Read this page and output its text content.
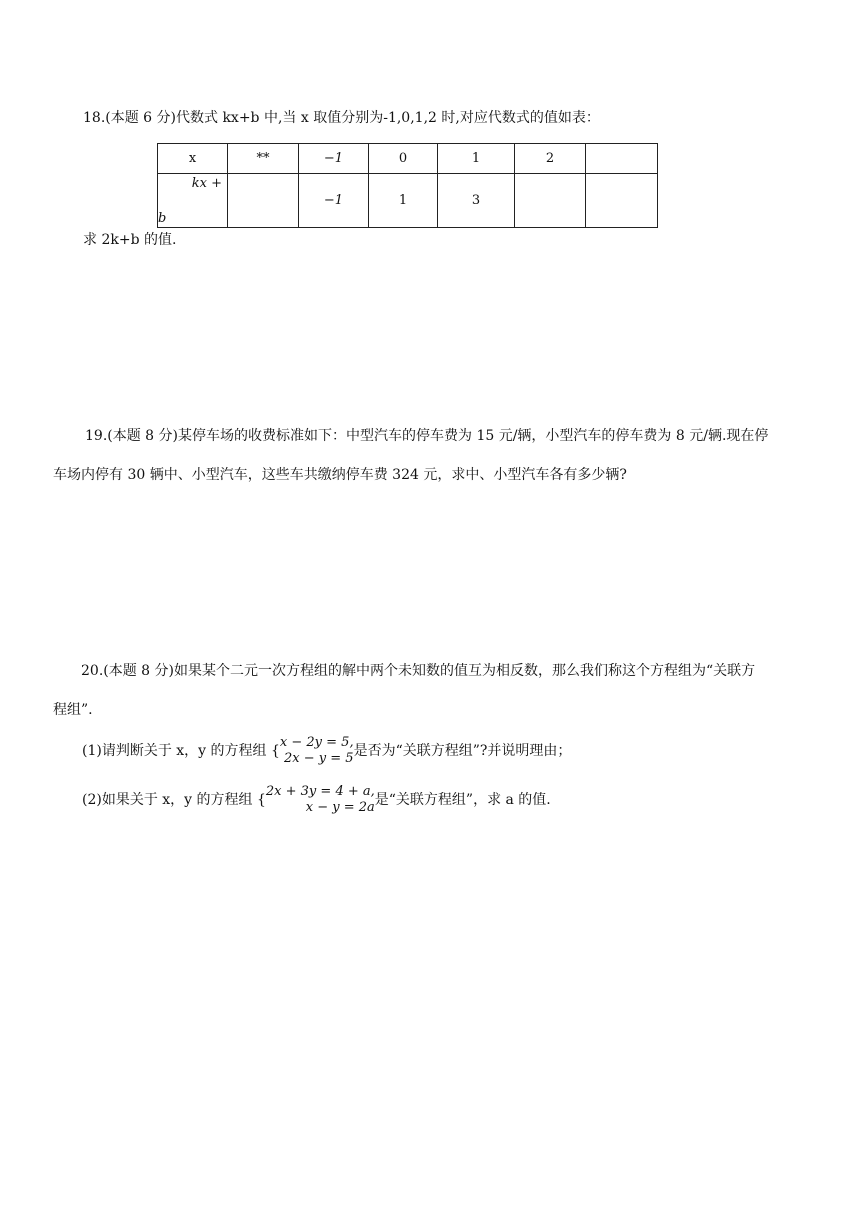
18.(本题 6 分)代数式 kx+b 中,当 x 取值分别为-1,0,1,2 时,对应代数式的值如表：
x	**	−1	0	1	2	

kx +
b		−1	1	3		
求 2k+b 的值.
19.(本题 8 分)某停车场的收费标准如下：中型汽车的停车费为 15 元/辆，小型汽车的停车费为 8 元/辆.现在停
车场内停有 30 辆中、小型汽车，这些车共缴纳停车费 324 元，求中、小型汽车各有多少辆?
20.(本题 8 分)如果某个二元一次方程组的解中两个未知数的值互为相反数，那么我们称这个方程组为“关联方
程组”.
(1)请判断关于 x，y 的方程组 {
x − 2y = 5,
2x − y = 5 是否为“关联方程组”?并说明理由；
(2)如果关于 x，y 的方程组 {
2x + 3y = 4 + a,
x − y = 2a 是“关联方程组”，求 a 的值.
